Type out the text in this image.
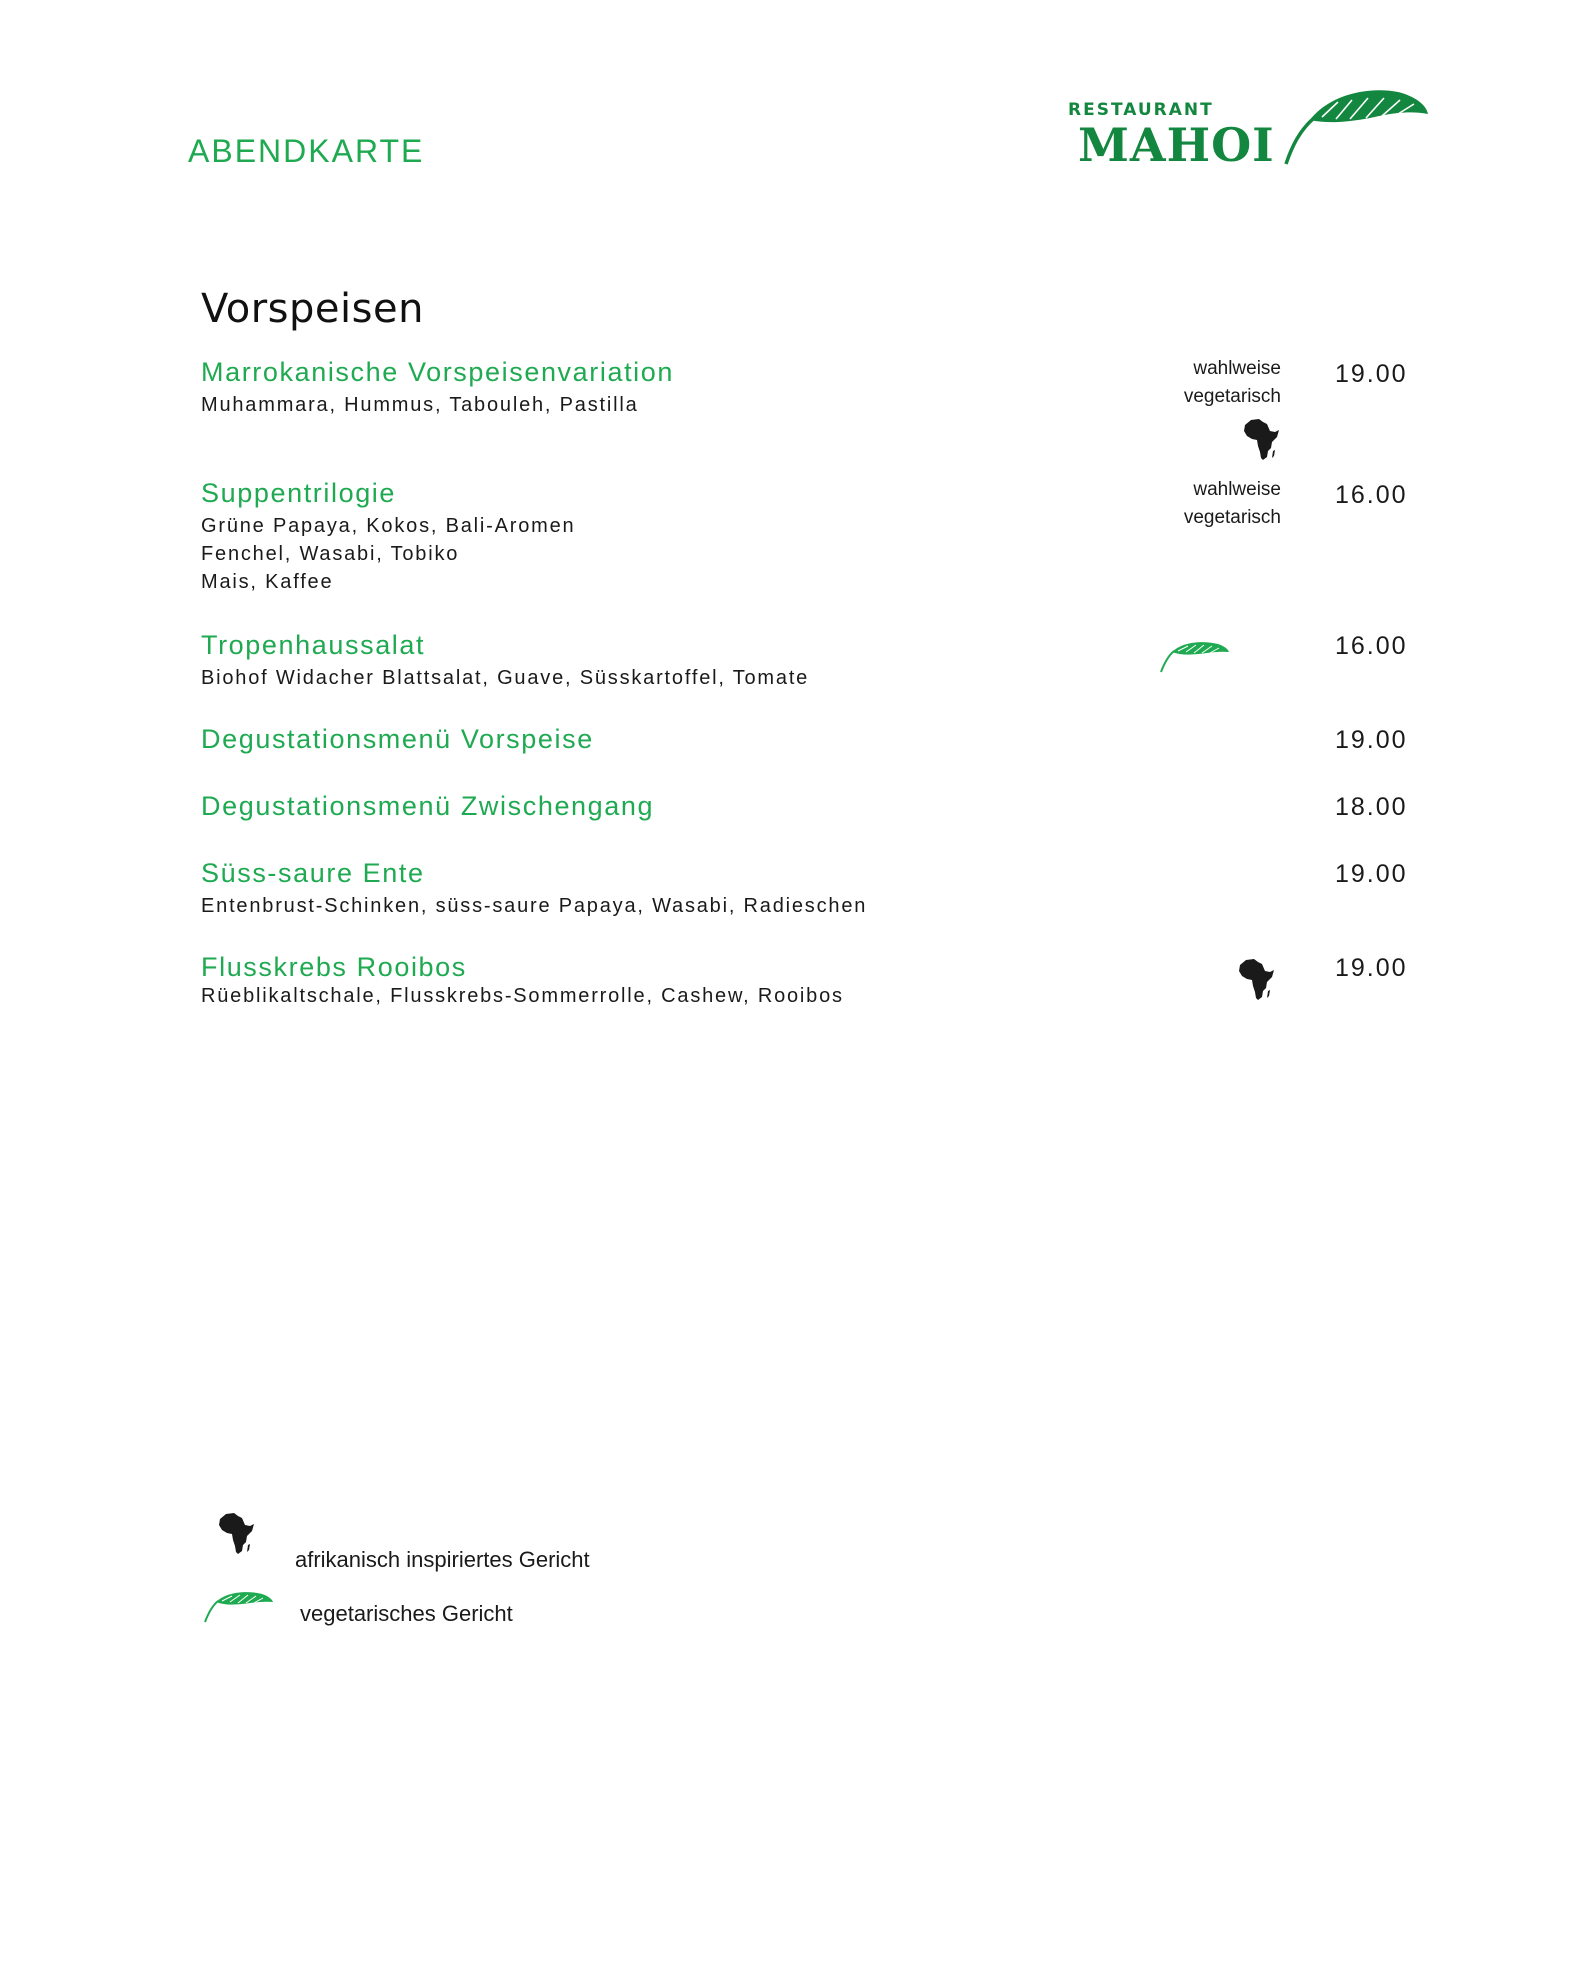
ABENDKARTE
RESTAURANT
MAHOI
Vorspeisen
Marrokanische Vorspeisenvariation
Muhammara, Hummus, Tabouleh, Pastilla
wahlweise
vegetarisch
19.00
Suppentrilogie
Grüne Papaya, Kokos, Bali-Aromen
Fenchel, Wasabi, Tobiko
Mais, Kaffee
wahlweise
vegetarisch
16.00
Tropenhaussalat
Biohof Widacher Blattsalat, Guave, Süsskartoffel, Tomate
16.00
Degustationsmenü Vorspeise	19.00
Degustationsmenü Zwischengang	18.00
Süss-saure Ente
Entenbrust-Schinken, süss-saure Papaya, Wasabi, Radieschen
19.00
Flusskrebs Rooibos
Rüeblikaltschale, Flusskrebs-Sommerrolle, Cashew, Rooibos
19.00
afrikanisch inspiriertes Gericht
vegetarisches Gericht
